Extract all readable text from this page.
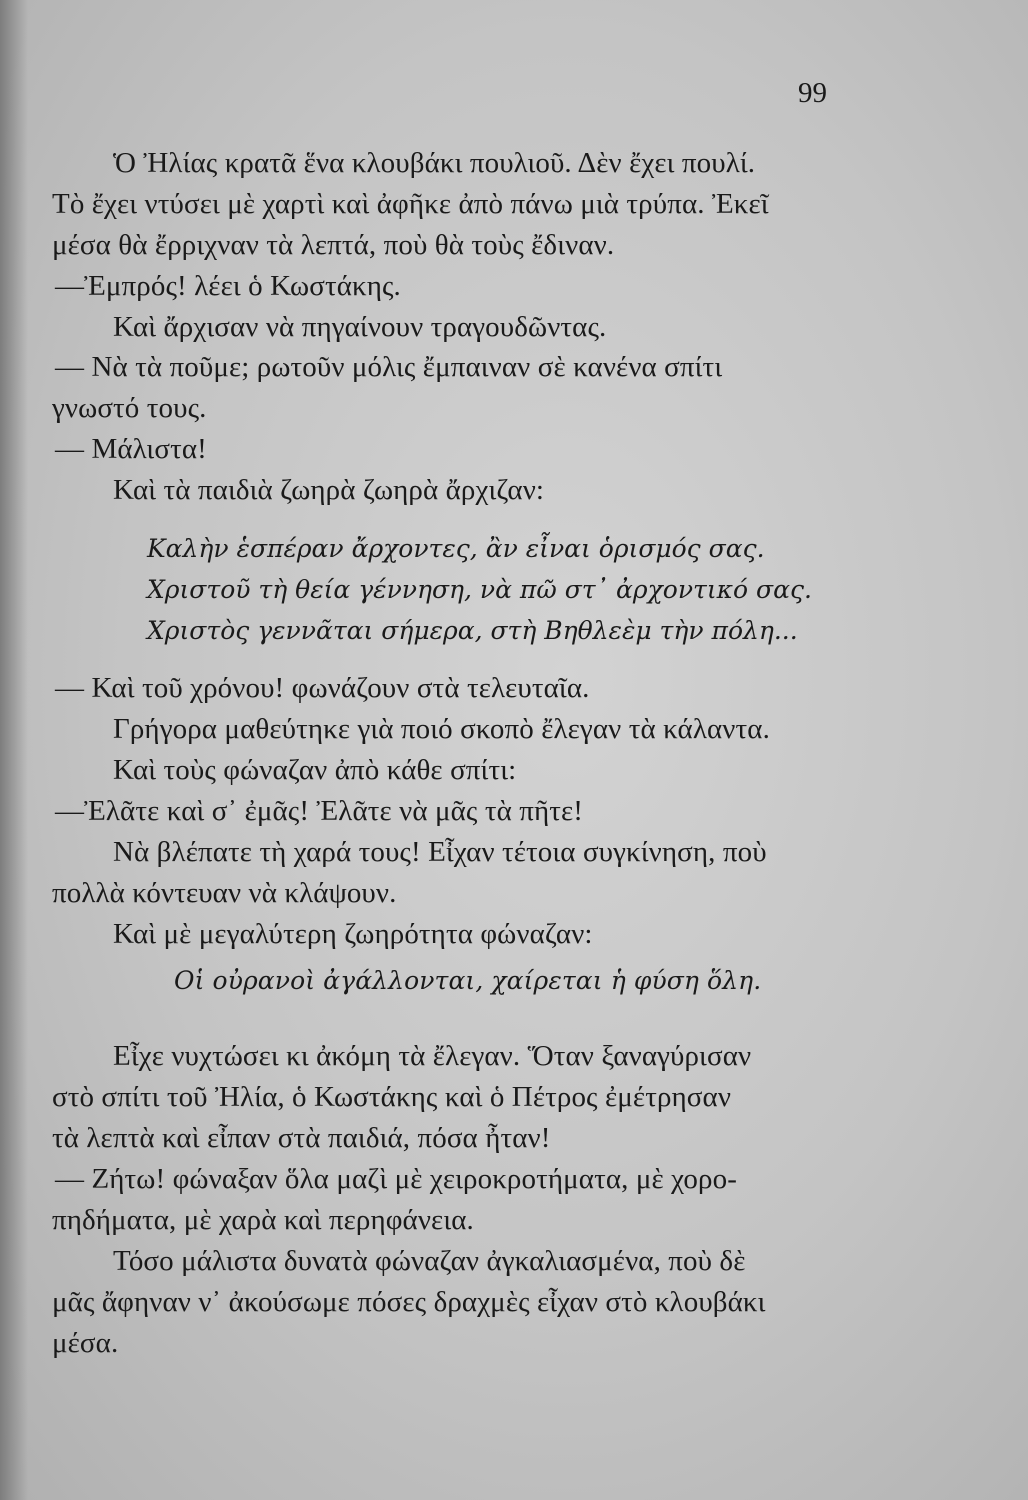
99
Ὁ Ἠλίας κρατᾶ ἕνα κλουβάκι πουλιοῦ. Δὲν ἔχει πουλί.
Τὸ ἔχει ντύσει μὲ χαρτὶ καὶ ἀφῆκε ἀπὸ πάνω μιὰ τρύπα. Ἐκεῖ
μέσα θὰ ἔρριχναν τὰ λεπτά, ποὺ θὰ τοὺς ἔδιναν.
—Ἐμπρός! λέει ὁ Κωστάκης.
Καὶ ἄρχισαν νὰ πηγαίνουν τραγουδῶντας.
— Νὰ τὰ ποῦμε; ρωτοῦν μόλις ἔμπαιναν σὲ κανένα σπίτι
γνωστό τους.
— Μάλιστα!
Καὶ τὰ παιδιὰ ζωηρὰ ζωηρὰ ἄρχιζαν:
Καλὴν ἑσπέραν ἄρχοντες, ἂν εἶναι ὁρισμός σας.
Χριστοῦ τὴ θεία γέννηση, νὰ πῶ στ᾽ ἀρχοντικό σας.
Χριστὸς γεννᾶται σήμερα, στὴ Βηθλεὲμ τὴν πόλη...
— Καὶ τοῦ χρόνου! φωνάζουν στὰ τελευταῖα.
Γρήγορα μαθεύτηκε γιὰ ποιό σκοπὸ ἔλεγαν τὰ κάλαντα.
Καὶ τοὺς φώναζαν ἀπὸ κάθε σπίτι:
—Ἐλᾶτε καὶ σ᾽ ἐμᾶς! Ἐλᾶτε νὰ μᾶς τὰ πῆτε!
Νὰ βλέπατε τὴ χαρά τους! Εἶχαν τέτοια συγκίνηση, ποὺ
πολλὰ κόντευαν νὰ κλάψουν.
Καὶ μὲ μεγαλύτερη ζωηρότητα φώναζαν:
Οἱ οὐρανοὶ ἀγάλλονται, χαίρεται ἡ φύση ὅλη.
Εἶχε νυχτώσει κι ἀκόμη τὰ ἔλεγαν. Ὅταν ξαναγύρισαν
στὸ σπίτι τοῦ Ἠλία, ὁ Κωστάκης καὶ ὁ Πέτρος ἐμέτρησαν
τὰ λεπτὰ καὶ εἶπαν στὰ παιδιά, πόσα ἦταν!
— Ζήτω! φώναξαν ὅλα μαζὶ μὲ χειροκροτήματα, μὲ χορο-
πηδήματα, μὲ χαρὰ καὶ περηφάνεια.
Τόσο μάλιστα δυνατὰ φώναζαν ἀγκαλιασμένα, ποὺ δὲ
μᾶς ἄφηναν ν᾽ ἀκούσωμε πόσες δραχμὲς εἶχαν στὸ κλουβάκι
μέσα.
